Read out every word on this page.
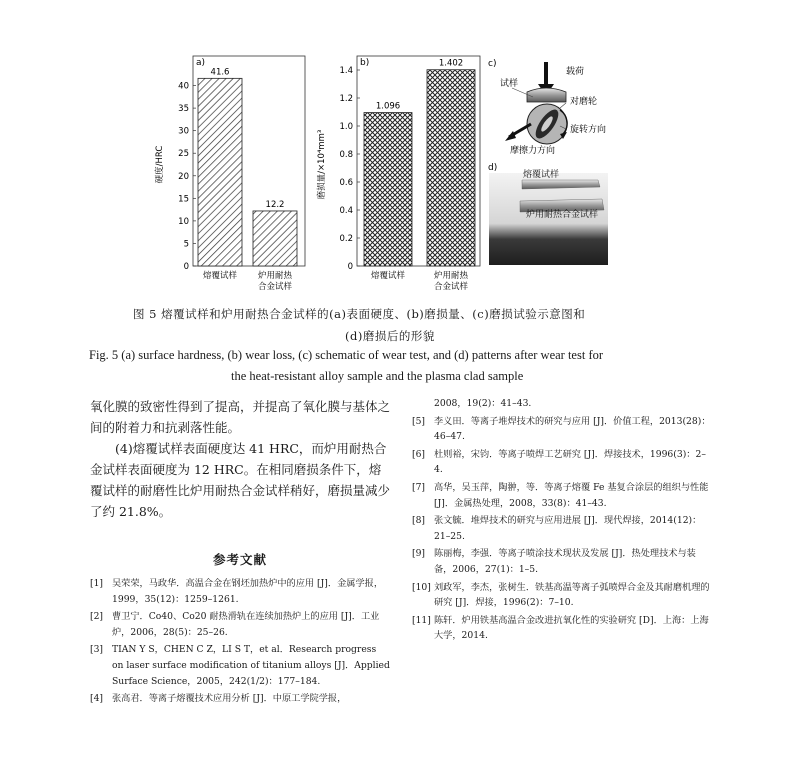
a)
0
5
10
15
20
25
30
35
40
硬度/HRC
41.6
熔覆试样
12.2
炉用耐热
合金试样
b)
0
0.2
0.4
0.6
0.8
1.0
1.2
1.4
磨损量/×10⁴mm³
1.096
熔覆试样
1.402
炉用耐热
合金试样
c)
载荷
试样
对磨轮
旋转方向
摩擦力方向
d)
熔覆试样
炉用耐热合金试样
图 5 熔覆试样和炉用耐热合金试样的(a)表面硬度、(b)磨损量、(c)磨损试验示意图和
(d)磨损后的形貌
Fig. 5 (a) surface hardness, (b) wear loss, (c) schematic of wear test, and (d) patterns after wear test for
the heat-resistant alloy sample and the plasma clad sample

氧化膜的致密性得到了提高，并提高了氧化膜与基体之间的附着力和抗剥落性能。

(4)熔覆试样表面硬度达 41 HRC，而炉用耐热合金试样表面硬度为 12 HRC。在相同磨损条件下，熔覆试样的耐磨性比炉用耐热合金试样稍好，磨损量减少了约 21.8%。

参考文献

[1] 吴荣荣，马政华．高温合金在钢坯加热炉中的应用 [J]．金属学报，1999，35(12)：1259–1261.

[2] 曹卫宁．Co40、Co20 耐热滑轨在连续加热炉上的应用 [J]．工业炉，2006，28(5)：25–26.

[3] TIAN Y S，CHEN C Z，LI S T，et al．Research progress on laser surface modification of titanium alloys [J]．Applied Surface Science，2005，242(1/2)：177–184.

[4] 张高君．等离子熔覆技术应用分析 [J]．中原工学院学报，

2008，19(2)：41–43.

[5] 李义田．等离子堆焊技术的研究与应用 [J]．价值工程，2013(28)：46–47.

[6] 杜则裕，宋钧．等离子喷焊工艺研究 [J]．焊接技术，1996(3)：2–4.

[7] 高华，吴玉萍，陶翀，等．等离子熔覆 Fe 基复合涂层的组织与性能 [J]．金属热处理，2008，33(8)：41–43.

[8] 张文毓．堆焊技术的研究与应用进展 [J]．现代焊接，2014(12)：21–25.

[9] 陈丽梅，李强．等离子喷涂技术现状及发展 [J]．热处理技术与装备，2006，27(1)：1–5.

[10] 刘政军，李杰，张树生．铁基高温等离子弧喷焊合金及其耐磨机理的研究 [J]．焊接，1996(2)：7–10.

[11] 陈轩．炉用铁基高温合金改进抗氧化性的实验研究 [D]．上海：上海大学，2014.
